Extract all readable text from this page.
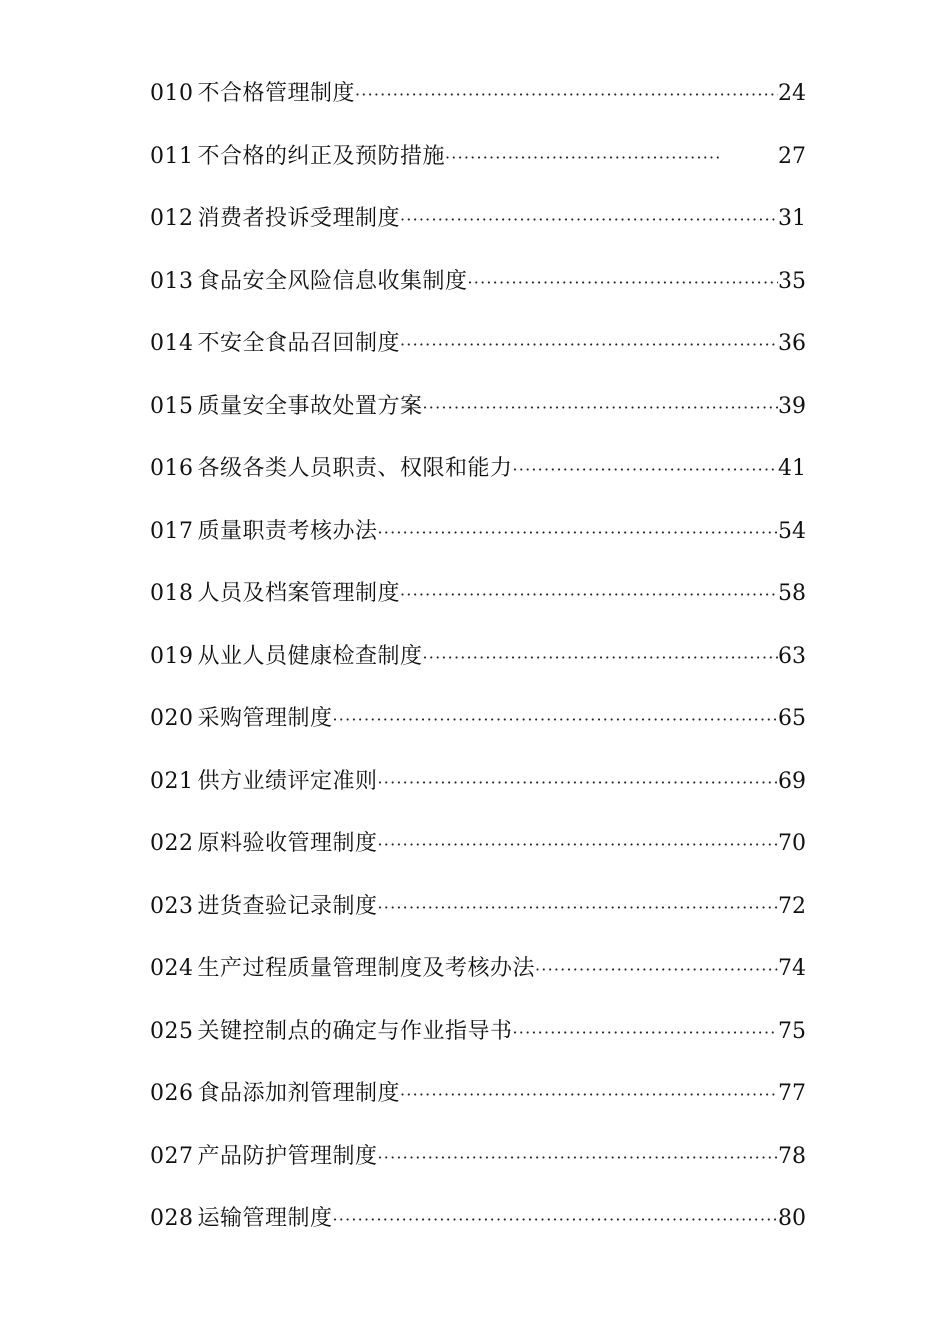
010 不合格管理制度 ·····	24
011 不合格的纠正及预防措施 ·····	27
012 消费者投诉受理制度 ·····	31
013 食品安全风险信息收集制度 ·····	35
014 不安全食品召回制度 ·····	36
015 质量安全事故处置方案 ·····	39
016 各级各类人员职责、权限和能力 ·····	41
017 质量职责考核办法 ·····	54
018 人员及档案管理制度 ·····	58
019 从业人员健康检查制度 ·····	63
020 采购管理制度 ·····	65
021 供方业绩评定准则 ·····	69
022 原料验收管理制度 ·····	70
023 进货查验记录制度 ·····	72
024 生产过程质量管理制度及考核办法 ·····	74
025 关键控制点的确定与作业指导书 ·····	75
026 食品添加剂管理制度 ·····	77
027 产品防护管理制度 ·····	78
028 运输管理制度 ·····	80
